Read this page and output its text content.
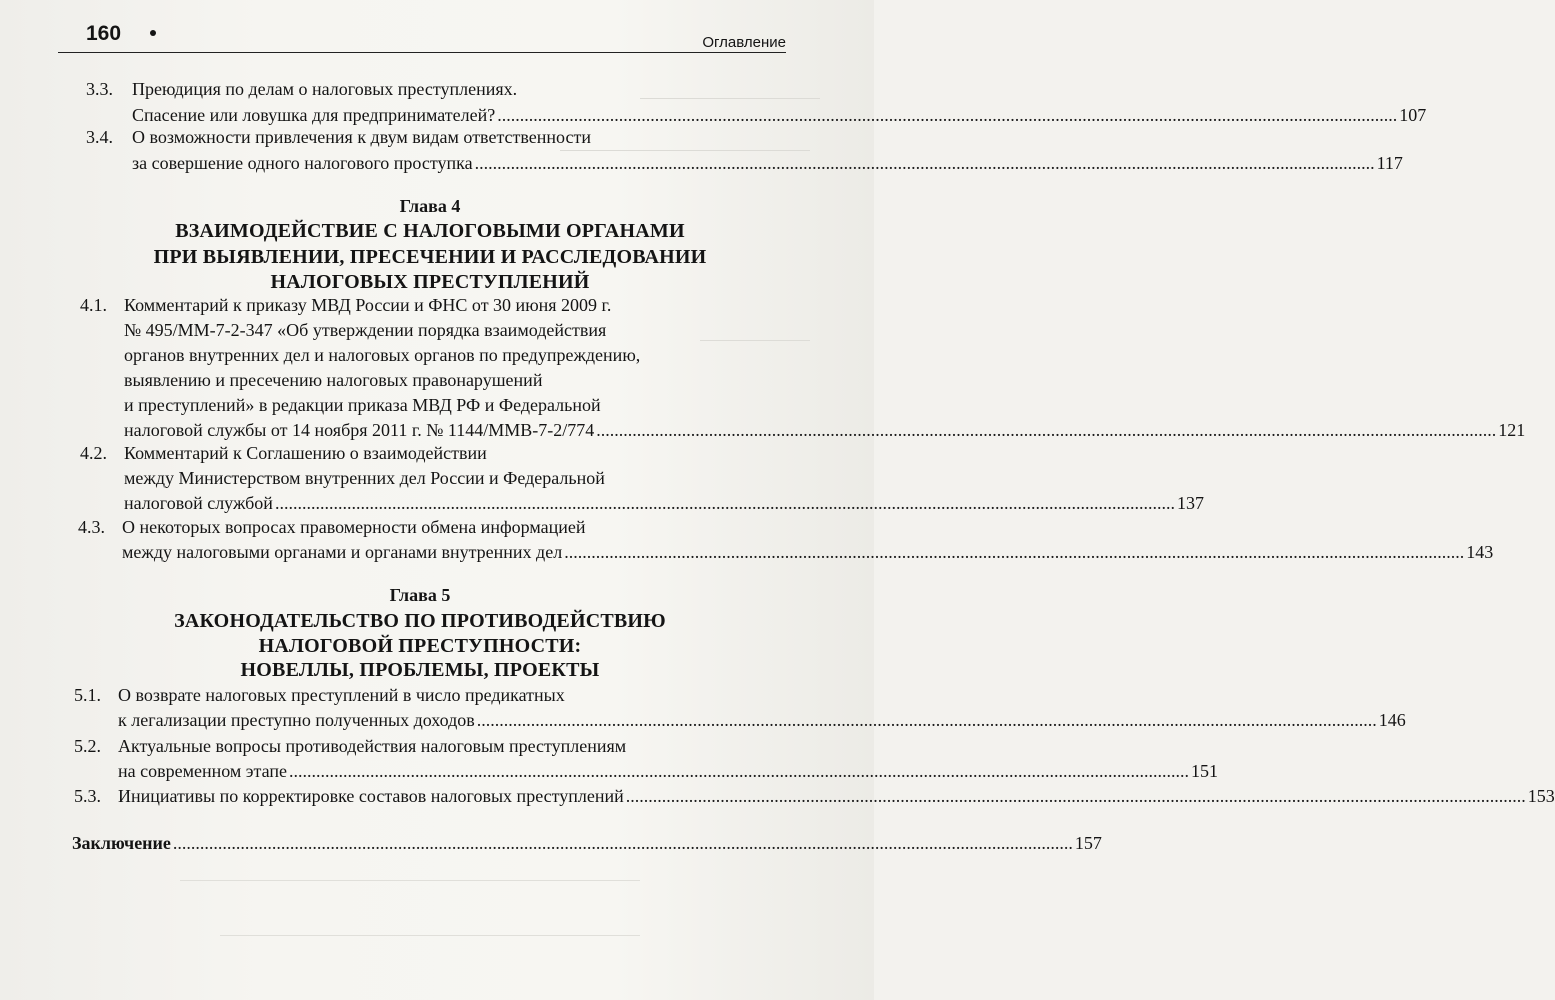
160	Оглавление
3.3. Преюдиция по делам о налоговых преступлениях.
Спасение или ловушка для предпринимателей? ........................................................................................................................................................................................................ 107
3.4. О возможности привлечения к двум видам ответственности
за совершение одного налогового проступка ........................................................................................................................................................................................................ 117
Глава 4
ВЗАИМОДЕЙСТВИЕ С НАЛОГОВЫМИ ОРГАНАМИ
ПРИ ВЫЯВЛЕНИИ, ПРЕСЕЧЕНИИ И РАССЛЕДОВАНИИ
НАЛОГОВЫХ ПРЕСТУПЛЕНИЙ
4.1. Комментарий к приказу МВД России и ФНС от 30 июня 2009 г.
№ 495/ММ-7-2-347 «Об утверждении порядка взаимодействия
органов внутренних дел и налоговых органов по предупреждению,
выявлению и пресечению налоговых правонарушений
и преступлений» в редакции приказа МВД РФ и Федеральной
налоговой службы от 14 ноября 2011 г. № 1144/ММВ-7-2/774 ........................................................................................................................................................................................................ 121
4.2. Комментарий к Соглашению о взаимодействии
между Министерством внутренних дел России и Федеральной
налоговой службой ........................................................................................................................................................................................................ 137
4.3. О некоторых вопросах правомерности обмена информацией
между налоговыми органами и органами внутренних дел ........................................................................................................................................................................................................ 143
Глава 5
ЗАКОНОДАТЕЛЬСТВО ПО ПРОТИВОДЕЙСТВИЮ
НАЛОГОВОЙ ПРЕСТУПНОСТИ:
НОВЕЛЛЫ, ПРОБЛЕМЫ, ПРОЕКТЫ
5.1. О возврате налоговых преступлений в число предикатных
к легализации преступно полученных доходов ........................................................................................................................................................................................................ 146
5.2. Актуальные вопросы противодействия налоговым преступлениям
на современном этапе ........................................................................................................................................................................................................ 151
5.3. Инициативы по корректировке составов налоговых преступлений ........................................................................................................................................................................................................ 153
Заключение ........................................................................................................................................................................................................ 157
